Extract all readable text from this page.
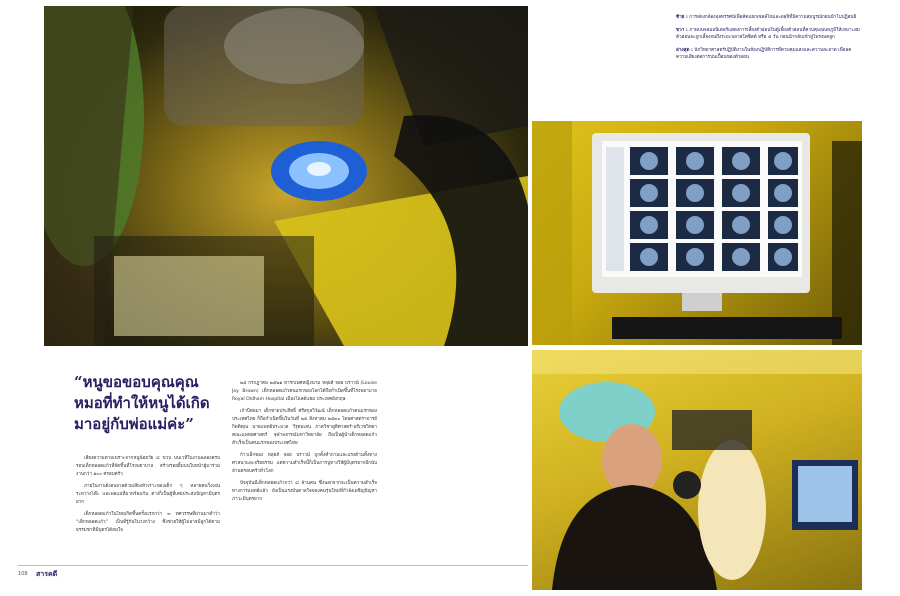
“หนูขอขอบคุณคุณหมอที่ทำให้หนูได้เกิดมาอยู่กับพ่อแม่ค่ะ”

เสียงความตามเพราะจากหนูน้อยวัย ๘ ขวบ บนเวทีในงานฉลองครบรอบเด็กหลอดแก้วที่จัดขึ้นที่โรงพยาบาล สร้างรอยยิ้มบนใบหน้าผู้มาร่วมงานกว่า ๑๐๐ ครอบครัว

ภายในงานยังอบอวลด้วยเสียงหัวเราะของเด็ก ๆ หลายคนวิ่งเล่นระหว่างโต๊ะ และพ่อแม่ที่มาพร้อมกัน ต่างก็เป็นผู้ที่เคยประสบปัญหามีบุตรยาก

เด็กหลอดแก้วในไทยเกิดขึ้นครั้งแรกกว่า ๓ ทศวรรษที่ผ่านมาคำว่า “เด็กหลอดแก้ว” เป็นที่รู้กันในวงกว้าง ซึ่งช่วยให้ผู้ไม่อาจมีลูกได้ตามธรรมชาติมีบุตรได้สมใจ

๒๕ กรกฎาคม ๒๕๒๑ ทารกเพศหญิงนาม หลุยส์ จอย บราวน์ (Louise Joy Brown) เด็กหลอดแก้วคนแรกของโลกได้ถือกำเนิดขึ้นที่โรงพยาบาล Royal Oldham Hospital เมืองโอลด์แฮม ประเทศอังกฤษ

เก้าปีต่อมา เด็กชายประสิทธิ์ ศรีสกุลวิวัฒน์ เด็กหลอดแก้วคนแรกของประเทศไทย ก็ถือกำเนิดขึ้นในวันที่ ๒๕ สิงหาคม ๒๕๓๐ โดยศาสตราจารย์กิตติคุณ นายแพทย์ประมวล วีรุตมเสน ภาควิชาสูติศาสตร์-นรีเวชวิทยา คณะแพทยศาสตร์ จุฬาลงกรณ์มหาวิทยาลัย ถือเป็นผู้นำเด็กหลอดแก้วสำเร็จเป็นคนแรกของประเทศไทย

ก้าวเล็กของ หลุยส์ จอย บราวน์ ถูกตั้งคำถามและแรงต้านทั้งทางศาสนาและจริยธรรม แต่ความสำเร็จนี้ก็เป็นการปูทางให้ผู้มีบุตรยากอีกนับล้านครอบครัวทั่วโลก

ปัจจุบันมีเด็กหลอดแก้วกว่า ๘ ล้านคน ซึ่งนอกจากจะเป็นความสำเร็จทางการแพทย์แล้ว ยังเป็นแรงบันดาลใจของคนรุ่นใหม่ที่กำลังเผชิญปัญหาภาวะมีบุตรยาก

ซ้าย : การส่องกล้องจุลทรรศน์เพื่อคัดแยกเซลล์ไข่และอสุจิที่มีความสมบูรณ์ก่อนนำไปปฏิสนธิ

ขวา : ภาพบนจอมอนิเตอร์แสดงการเลี้ยงตัวอ่อนในตู้เลี้ยงตัวอ่อนที่ควบคุมอุณหภูมิให้เหมาะสม ตัวอ่อนจะถูกเลี้ยงจนถึงระยะบลาสโตซิสต์ หรือ ๕ วัน ก่อนนำกลับเข้าสู่โพรงมดลูก

ล่างสุด : นักวิทยาศาสตร์ปฏิบัติงานในห้องปฏิบัติการที่ควบคุมแสงและความสะอาด เพื่อลดความเสี่ยงต่อการปนเปื้อนของตัวอ่อน

108 สารคดี
